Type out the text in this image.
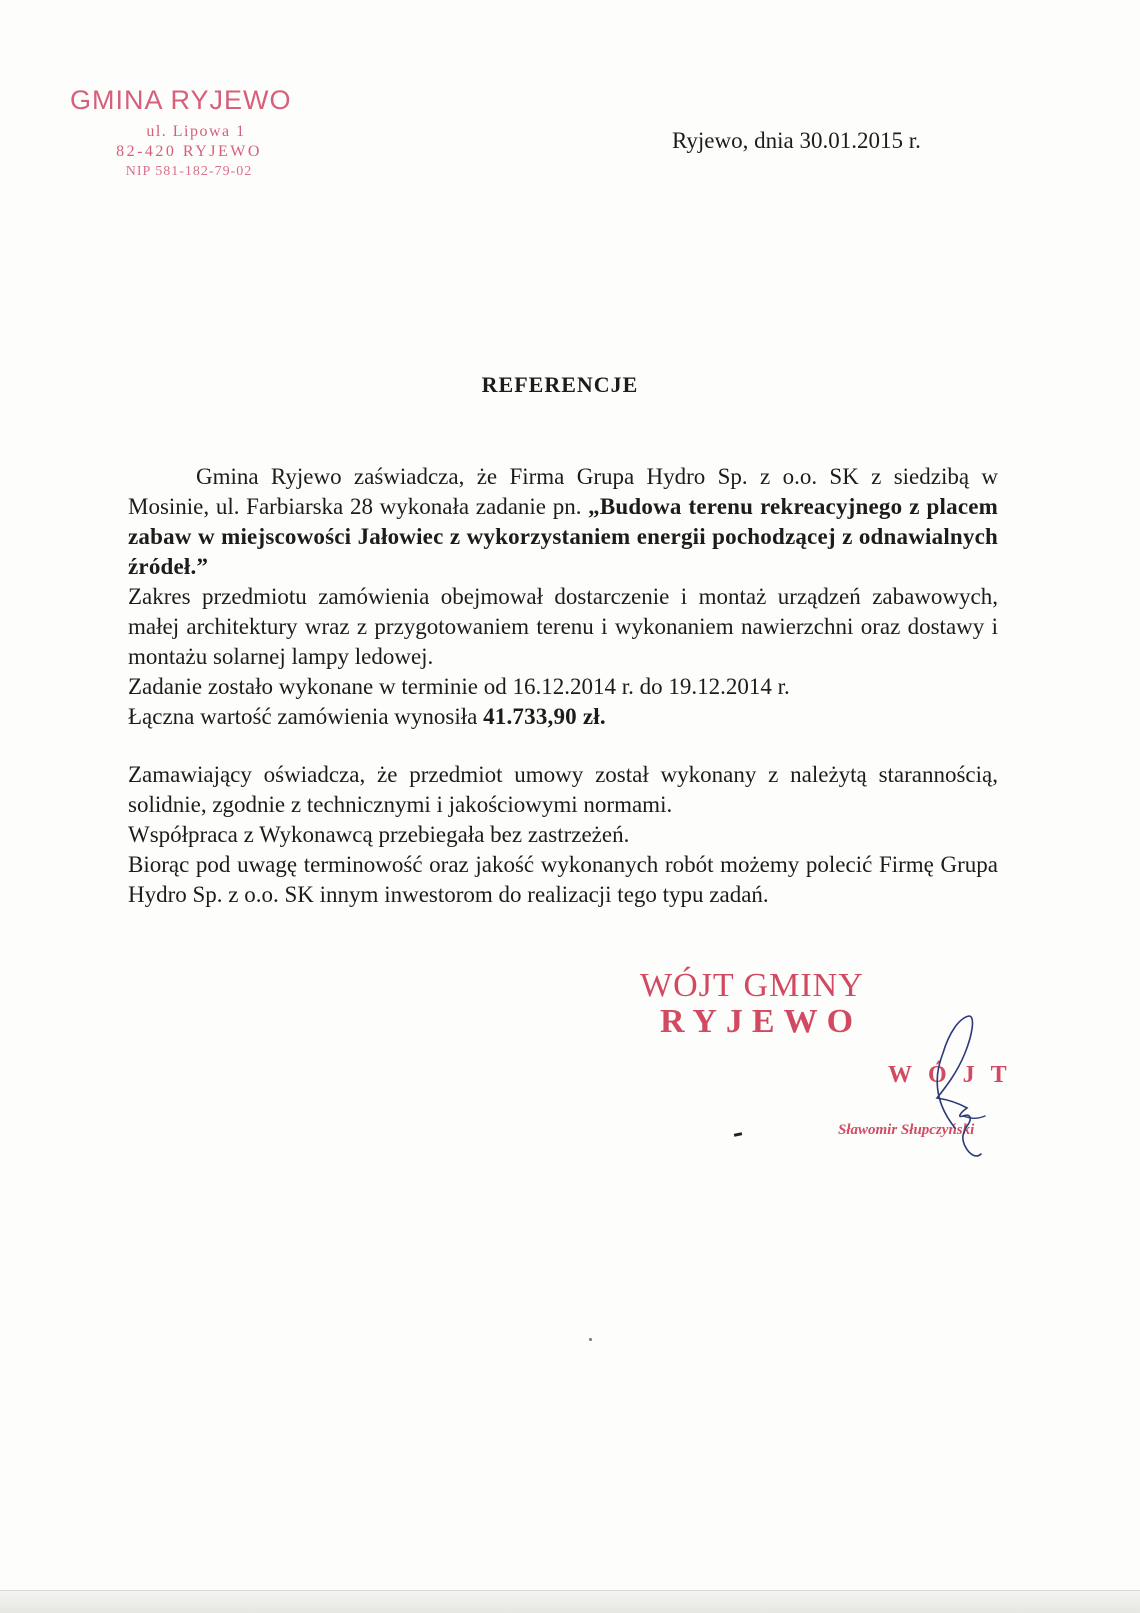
GMINA RYJEWO
ul. Lipowa 1
82-420 RYJEWO
NIP 581-182-79-02
Ryjewo, dnia 30.01.2015 r.
REFERENCJE

Gmina Ryjewo zaświadcza, że Firma Grupa Hydro Sp. z o.o. SK z siedzibą w Mosinie, ul. Farbiarska 28 wykonała zadanie pn. „Budowa terenu rekreacyjnego z placem zabaw w miejscowości Jałowiec z wykorzystaniem energii pochodzącej z odnawialnych źródeł.”

Zakres przedmiotu zamówienia obejmował dostarczenie i montaż urządzeń zabawowych, małej architektury wraz z przygotowaniem terenu i wykonaniem nawierzchni oraz dostawy i montażu solarnej lampy ledowej.

Zadanie zostało wykonane w terminie od 16.12.2014 r. do 19.12.2014 r.

Łączna wartość zamówienia wynosiła 41.733,90 zł.

Zamawiający oświadcza, że przedmiot umowy został wykonany z należytą starannością, solidnie, zgodnie z technicznymi i jakościowymi normami.

Współpraca z Wykonawcą przebiegała bez zastrzeżeń.

Biorąc pod uwagę terminowość oraz jakość wykonanych robót możemy polecić Firmę Grupa Hydro Sp. z o.o. SK innym inwestorom do realizacji tego typu zadań.

WÓJT GMINY
RYJEWO
WÓJT
Sławomir Słupczyński
